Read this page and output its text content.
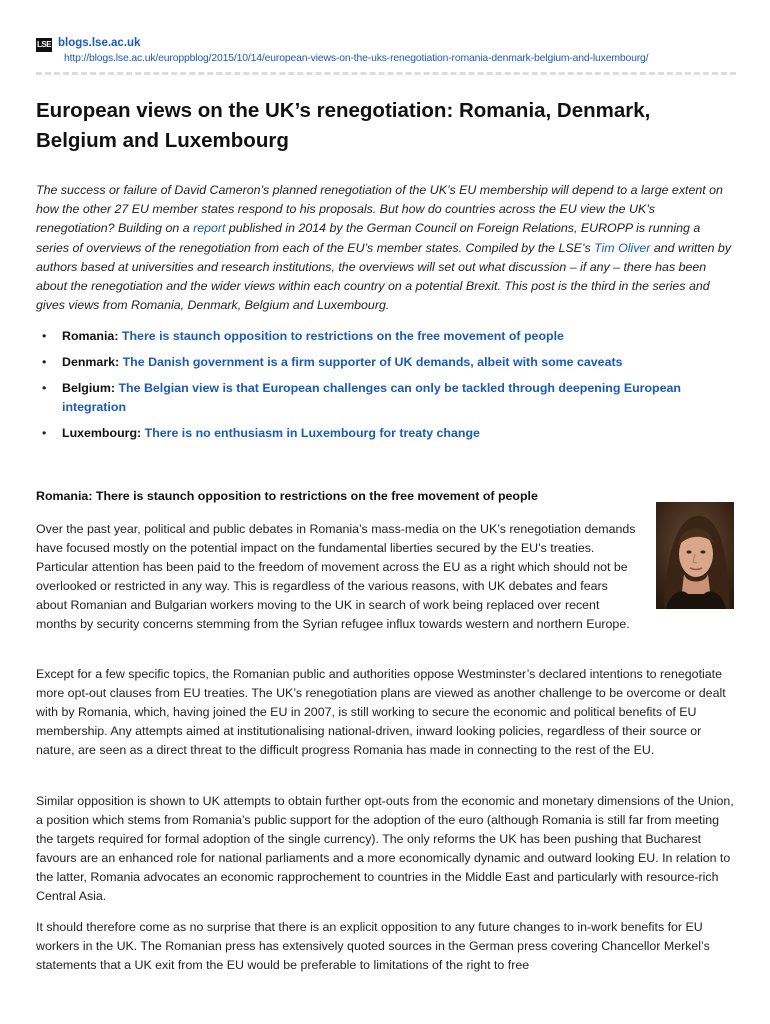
LSE blogs.lse.ac.uk
http://blogs.lse.ac.uk/europpblog/2015/10/14/european-views-on-the-uks-renegotiation-romania-denmark-belgium-and-luxembourg/
European views on the UK’s renegotiation: Romania, Denmark, Belgium and Luxembourg

The success or failure of David Cameron’s planned renegotiation of the UK’s EU membership will depend to a large extent on how the other 27 EU member states respond to his proposals. But how do countries across the EU view the UK’s renegotiation? Building on a report published in 2014 by the German Council on Foreign Relations, EUROPP is running a series of overviews of the renegotiation from each of the EU’s member states. Compiled by the LSE’s Tim Oliver and written by authors based at universities and research institutions, the overviews will set out what discussion – if any – there has been about the renegotiation and the wider views within each country on a potential Brexit. This post is the third in the series and gives views from Romania, Denmark, Belgium and Luxembourg.

• Romania: There is staunch opposition to restrictions on the free movement of people
• Denmark: The Danish government is a firm supporter of UK demands, albeit with some caveats
• Belgium: The Belgian view is that European challenges can only be tackled through deepening European integration
• Luxembourg: There is no enthusiasm in Luxembourg for treaty change
Romania: There is staunch opposition to restrictions on the free movement of people

Over the past year, political and public debates in Romania’s mass-media on the UK’s renegotiation demands have focused mostly on the potential impact on the fundamental liberties secured by the EU’s treaties. Particular attention has been paid to the freedom of movement across the EU as a right which should not be overlooked or restricted in any way. This is regardless of the various reasons, with UK debates and fears about Romanian and Bulgarian workers moving to the UK in search of work being replaced over recent months by security concerns stemming from the Syrian refugee influx towards western and northern Europe.

Except for a few specific topics, the Romanian public and authorities oppose Westminster’s declared intentions to renegotiate more opt-out clauses from EU treaties. The UK’s renegotiation plans are viewed as another challenge to be overcome or dealt with by Romania, which, having joined the EU in 2007, is still working to secure the economic and political benefits of EU membership. Any attempts aimed at institutionalising national-driven, inward looking policies, regardless of their source or nature, are seen as a direct threat to the difficult progress Romania has made in connecting to the rest of the EU.

Similar opposition is shown to UK attempts to obtain further opt-outs from the economic and monetary dimensions of the Union, a position which stems from Romania’s public support for the adoption of the euro (although Romania is still far from meeting the targets required for formal adoption of the single currency). The only reforms the UK has been pushing that Bucharest favours are an enhanced role for national parliaments and a more economically dynamic and outward looking EU. In relation to the latter, Romania advocates an economic rapprochement to countries in the Middle East and particularly with resource-rich Central Asia.

It should therefore come as no surprise that there is an explicit opposition to any future changes to in-work benefits for EU workers in the UK. The Romanian press has extensively quoted sources in the German press covering Chancellor Merkel’s statements that a UK exit from the EU would be preferable to limitations of the right to free
